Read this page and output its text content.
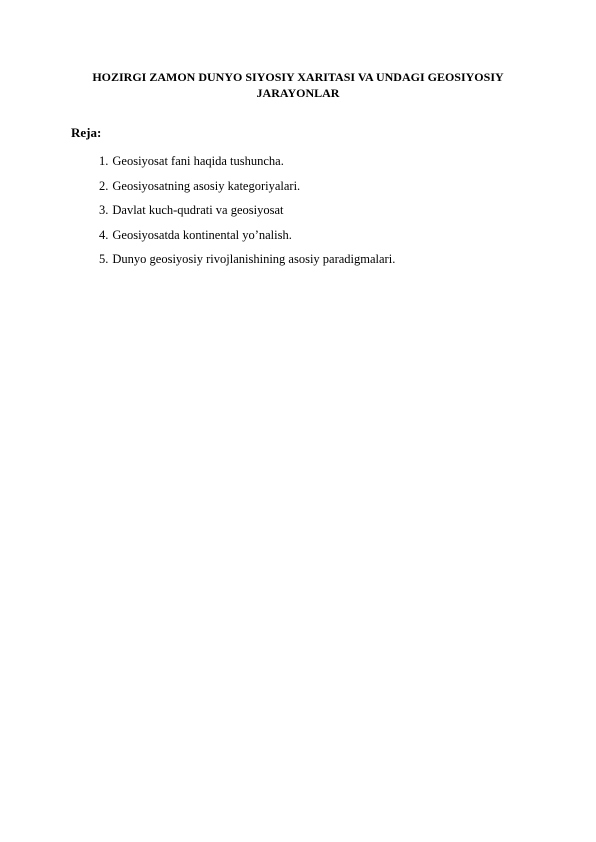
HOZIRGI ZAMON DUNYO SIYOSIY XARITASI VA UNDAGI GEOSIYOSIY
JARAYONLAR

Reja:

1. Geosiyosat fani haqida tushuncha.
2. Geosiyosatning asosiy kategoriyalari.
3. Davlat kuch-qudrati va geosiyosat
4. Geosiyosatda kontinental yo’nalish.
5. Dunyo geosiyosiy rivojlanishining asosiy paradigmalari.
